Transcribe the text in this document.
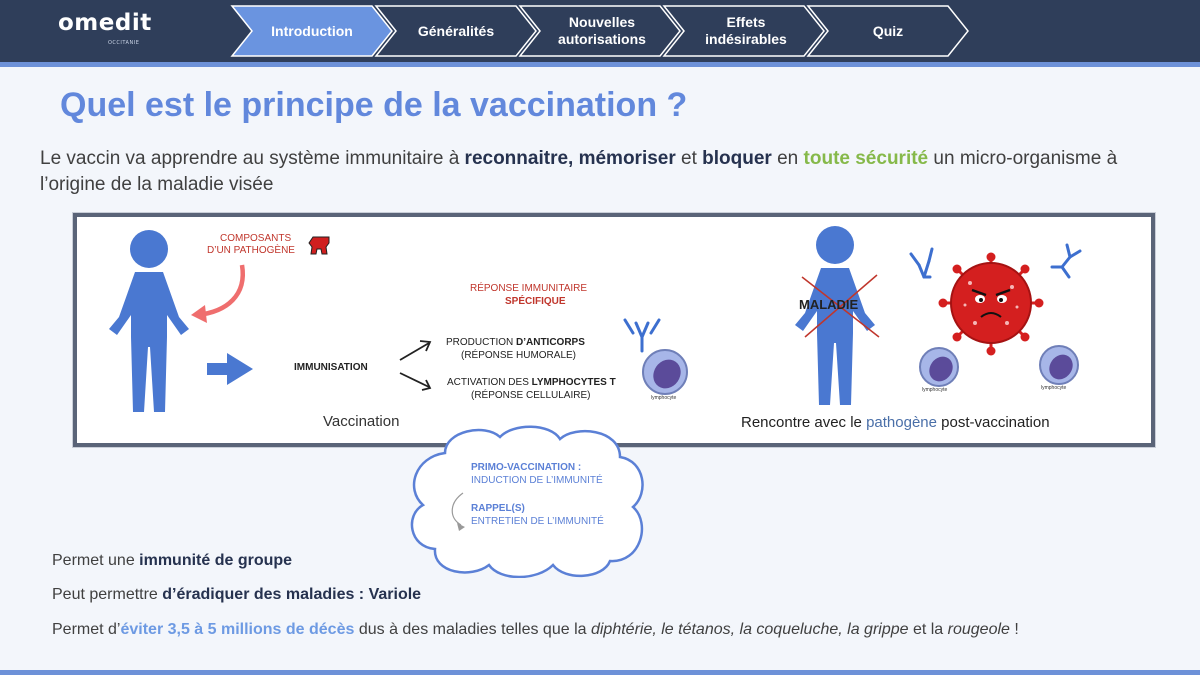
omedit
OCCITANIE
Introduction	Généralités
Nouvelles
autorisations
Effets
indésirables
Quiz
Quel est le principe de la vaccination ?
Le vaccin va apprendre au système immunitaire à reconnaitre, mémoriser et bloquer en toute sécurité un micro-organisme à l’origine de la maladie visée
COMPOSANTS
D’UN PATHOGÈNE
RÉPONSE IMMUNITAIRE
SPÉCIFIQUE
IMMUNISATION
PRODUCTION D’ANTICORPS
(RÉPONSE HUMORALE)
ACTIVATION DES LYMPHOCYTES T
(RÉPONSE CELLULAIRE)	lymphocyte
lymphocyte	lymphocyte
Vaccination
MALADIE
Rencontre avec le pathogène post-vaccination
PRIMO-VACCINATION :
INDUCTION DE L’IMMUNITÉ
RAPPEL(S)
ENTRETIEN DE L’IMMUNITÉ
Permet une immunité de groupe
Peut permettre d’éradiquer des maladies : Variole
Permet d’éviter 3,5 à 5 millions de décès dus à des maladies telles que la diphtérie, le tétanos, la coqueluche, la grippe et la rougeole !
